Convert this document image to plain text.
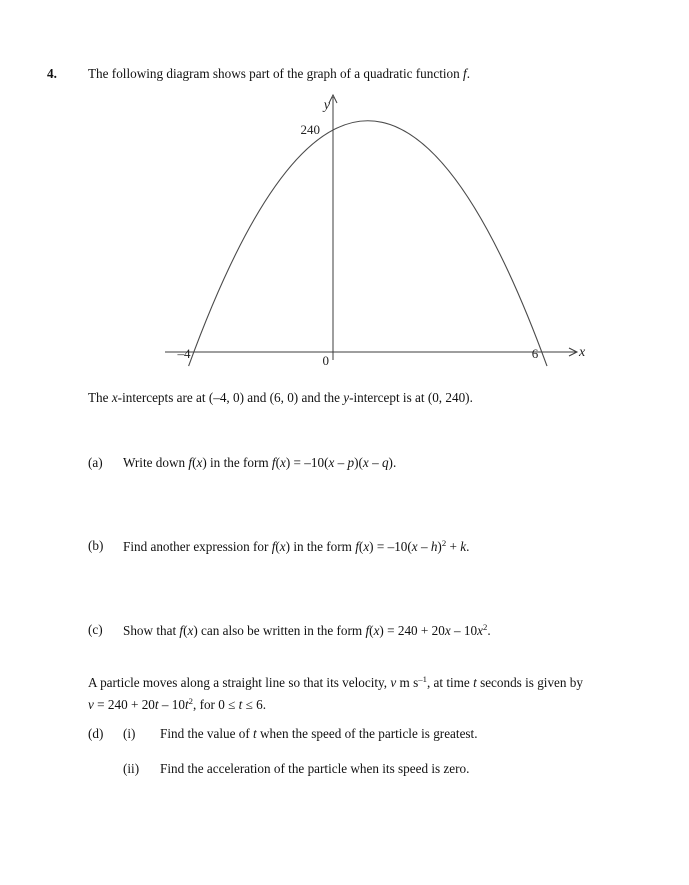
4. The following diagram shows part of the graph of a quadratic function f.
y
x
240
0
–4	6
The x-intercepts are at (–4, 0) and (6, 0) and the y-intercept is at (0, 240).
(a) Write down f(x) in the form f(x) = –10(x – p)(x – q).
(b) Find another expression for f(x) in the form f(x) = –10(x – h)$^2$ + k.
(c) Show that f(x) can also be written in the form $f(x) = 240 + 20x - 10x^2$.
A particle moves along a straight line so that its velocity, v m $s^{-1}$, at time t seconds is given by
$v = 240 + 20t - 10t^2$, for 0 ≤ t ≤ 6.
(d) (i) Find the value of t when the speed of the particle is greatest.
(ii) Find the acceleration of the particle when its speed is zero.
